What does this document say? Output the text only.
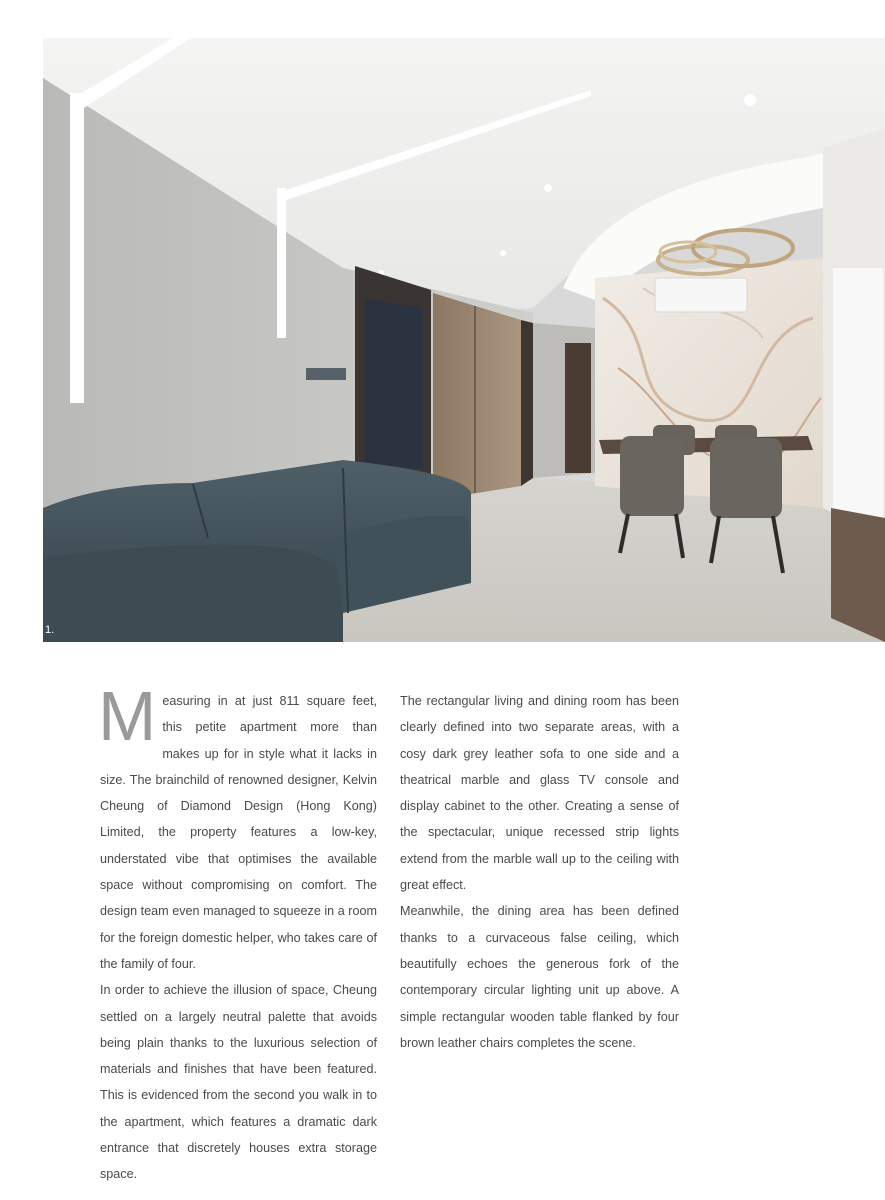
1.
M easuring in at just 811 square feet, this petite apartment more than makes up for in style what it lacks in size. The brainchild of renowned designer, Kelvin Cheung of Diamond Design (Hong Kong) Limited, the property features a low-key, understated vibe that optimises the available space without compromising on comfort. The design team even managed to squeeze in a room for the foreign domestic helper, who takes care of the family of four.

In order to achieve the illusion of space, Cheung settled on a largely neutral palette that avoids being plain thanks to the luxurious selection of materials and finishes that have been featured. This is evidenced from the second you walk in to the apartment, which features a dramatic dark entrance that discretely houses extra storage space.

The rectangular living and dining room has been clearly defined into two separate areas, with a cosy dark grey leather sofa to one side and a theatrical marble and glass TV console and display cabinet to the other. Creating a sense of the spectacular, unique recessed strip lights extend from the marble wall up to the ceiling with great effect.

Meanwhile, the dining area has been defined thanks to a curvaceous false ceiling, which beautifully echoes the generous fork of the contemporary circular lighting unit up above. A simple rectangular wooden table flanked by four brown leather chairs completes the scene.
